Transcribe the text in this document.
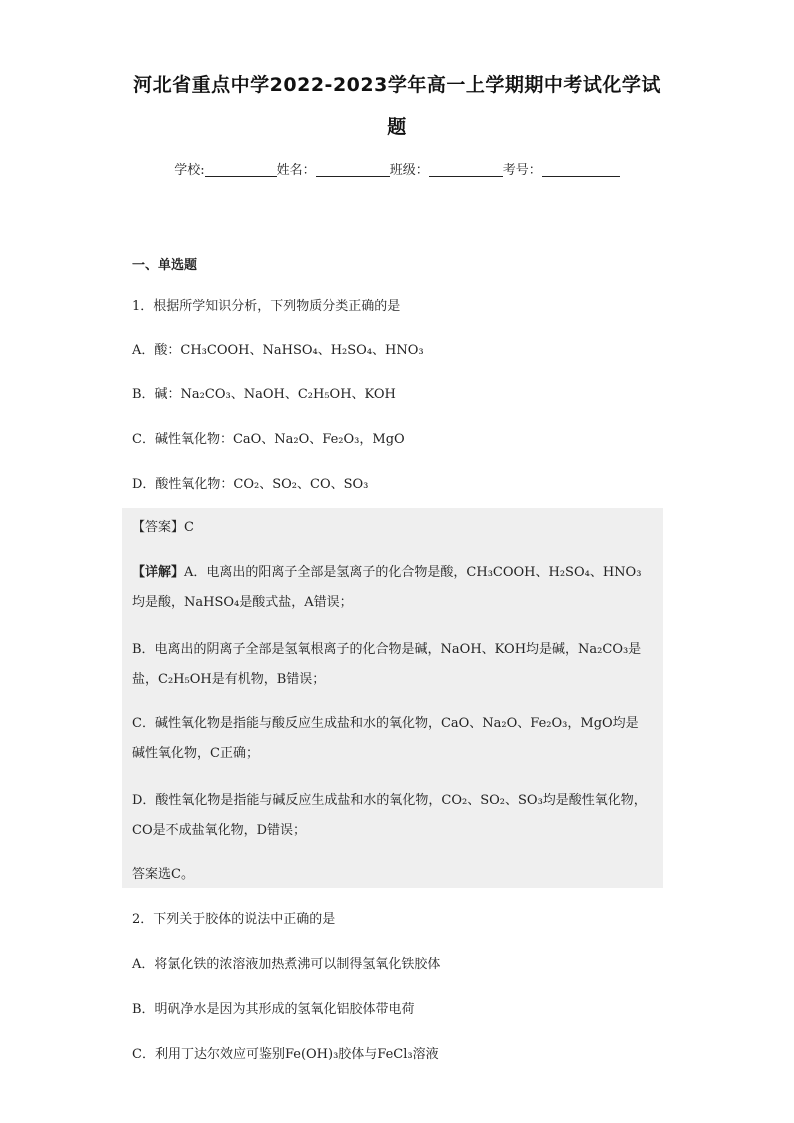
河北省重点中学2022-2023学年高一上学期期中考试化学试
题
学校:	姓名：	班级：	考号：
一、单选题
1．根据所学知识分析，下列物质分类正确的是
A．酸：CH₃COOH、NaHSO₄、H₂SO₄、HNO₃
B．碱：Na₂CO₃、NaOH、C₂H₅OH、KOH
C．碱性氧化物：CaO、Na₂O、Fe₂O₃，MgO
D．酸性氧化物：CO₂、SO₂、CO、SO₃
【答案】C
【详解】A．电离出的阳离子全部是氢离子的化合物是酸，CH₃COOH、H₂SO₄、HNO₃
均是酸，NaHSO₄是酸式盐，A错误；
B．电离出的阴离子全部是氢氧根离子的化合物是碱，NaOH、KOH均是碱，Na₂CO₃是
盐，C₂H₅OH是有机物，B错误；
C．碱性氧化物是指能与酸反应生成盐和水的氧化物，CaO、Na₂O、Fe₂O₃，MgO均是
碱性氧化物，C正确；
D．酸性氧化物是指能与碱反应生成盐和水的氧化物，CO₂、SO₂、SO₃均是酸性氧化物，
CO是不成盐氧化物，D错误；
答案选C。
2．下列关于胶体的说法中正确的是
A．将氯化铁的浓溶液加热煮沸可以制得氢氧化铁胶体
B．明矾净水是因为其形成的氢氧化铝胶体带电荷
C．利用丁达尔效应可鉴别Fe(OH)₃胶体与FeCl₃溶液
